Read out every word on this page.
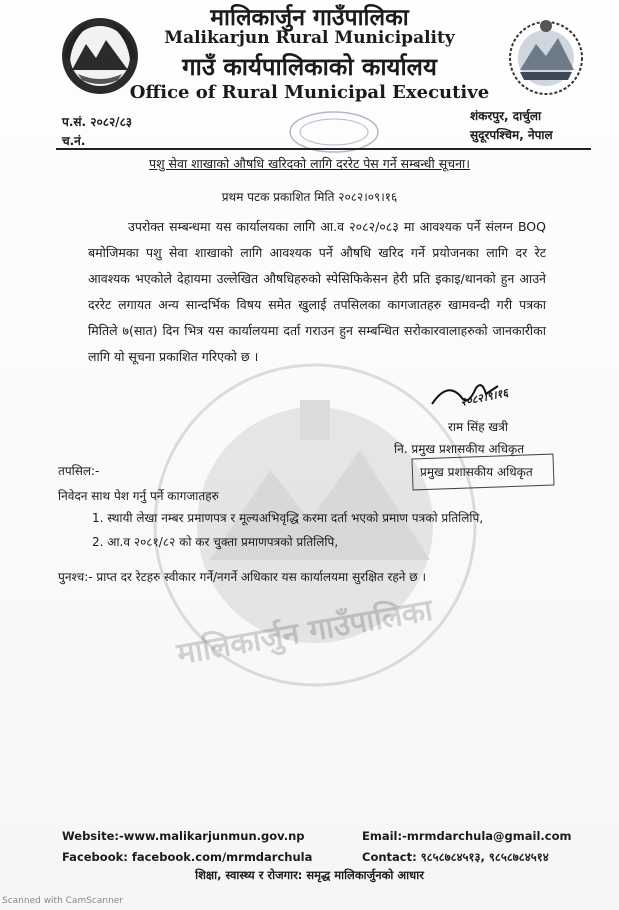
मालिकार्जुन गाउँपालिका
Malikarjun Rural Municipality
गाउँ कार्यपालिकाको कार्यालय
Office of Rural Municipal Executive
प.सं. २०८२/८३
च.नं.
शंकरपुर, दार्चुला
सुदूरपश्चिम, नेपाल
पशु सेवा शाखाको औषधि खरिदको लागि दररेट पेस गर्ने सम्बन्धी सूचना।
प्रथम पटक प्रकाशित मिति २०८२।०९।१६
उपरोक्त सम्बन्धमा यस कार्यालयका लागि आ.व २०८२/०८३ मा आवश्यक पर्ने संलग्न BOQ बमोजिमका पशु सेवा शाखाको लागि आवश्यक पर्ने औषधि खरिद गर्ने प्रयोजनका लागि दर रेट आवश्यक भएकोले देहायमा उल्लेखित औषधिहरुको स्पेसिफिकेसन हेरी प्रति इकाइ/थानको हुन आउने दररेट लगायत अन्य सान्दर्भिक विषय समेत खुलाई तपसिलका कागजातहरु खामवन्दी गरी पत्रका मितिले ७(सात) दिन भित्र यस कार्यालयमा दर्ता गराउन हुन सम्बन्धित सरोकारवालाहरुको जानकारीका लागि यो सूचना प्रकाशित गरिएको छ ।
मालिकार्जुन गाउँपालिका
२०८२।९।१६
राम सिंह खत्री
नि. प्रमुख प्रशासकीय अधिकृत
प्रमुख प्रशासकीय अधिकृत
तपसिल:-
निवेदन साथ पेश गर्नु पर्ने कागजातहरु
1. स्थायी लेखा नम्बर प्रमाणपत्र र मूल्यअभिवृद्धि करमा दर्ता भएको प्रमाण पत्रको प्रतिलिपि,
2. आ.व २०८१/८२ को कर चुक्ता प्रमाणपत्रको प्रतिलिपि,
पुनश्च:- प्राप्त दर रेटहरु स्वीकार गर्ने/नगर्ने अधिकार यस कार्यालयमा सुरक्षित रहने छ ।
Website:-www.malikarjunmun.gov.np	Email:-mrmdarchula@gmail.com
Facebook: facebook.com/mrmdarchula	Contact: ९८५८७८४५१३, ९८५८७८४५१४
शिक्षा, स्वास्थ्य र रोजगार: समृद्ध मालिकार्जुनको आधार
Scanned with CamScanner
